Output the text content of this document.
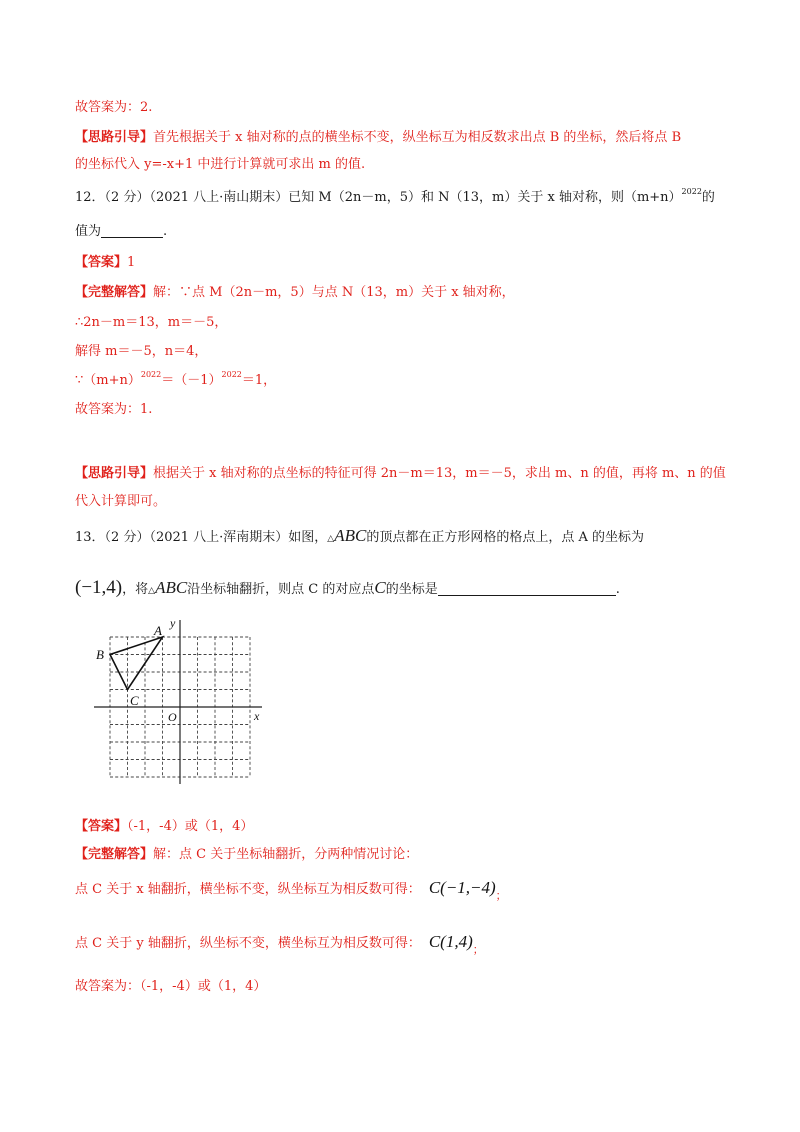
故答案为：2.
【思路引导】首先根据关于 x 轴对称的点的横坐标不变，纵坐标互为相反数求出点 B 的坐标，然后将点 B
的坐标代入 y=-x+1 中进行计算就可求出 m 的值.
12．（2 分）（2021 八上·南山期末）已知 M（2n－m，5）和 N（13，m）关于 x 轴对称，则$(m+n)^{2022}$的
值为	.
【答案】1
【完整解答】解：∵点 M（2n－m，5）与点 N（13，m）关于 x 轴对称，
∴2n－m＝13，m＝－5，
解得 m＝－5，n＝4，
$\because(m+n)^{2022}=(-1)^{2022}=1$，
故答案为：1.
【思路引导】根据关于 x 轴对称的点坐标的特征可得 2n－m＝13，m＝－5，求出 m、n 的值，再将 m、n 的值
代入计算即可。
13．（2 分）（2021 八上·浑南期末）如图，△ABC的顶点都在正方形网格的格点上，点 A 的坐标为
(−1,4)，将△ABC沿坐标轴翻折，则点 C 的对应点C的坐标是	.
A
B
C
O	x
y
【答案】（-1，-4）或（1，4）
【完整解答】解：点 C 关于坐标轴翻折，分两种情况讨论：
点 C 关于 x 轴翻折，横坐标不变，纵坐标互为相反数可得： $C(-1,-4)_;$
点 C 关于 y 轴翻折，纵坐标不变，横坐标互为相反数可得： $C(1,4)_;$
故答案为：（-1，-4）或（1，4）
